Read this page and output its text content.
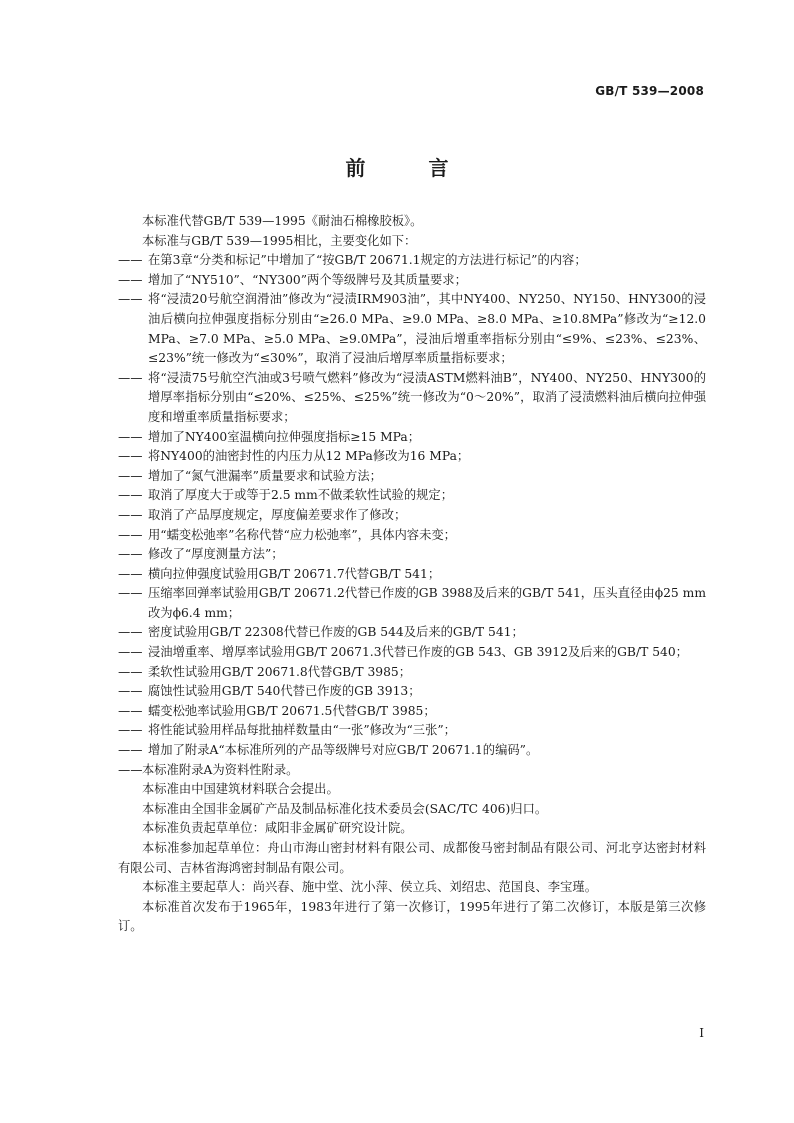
GB/T 539—2008
前 言

本标准代替GB/T 539—1995《耐油石棉橡胶板》。

本标准与GB/T 539—1995相比，主要变化如下：

—— 在第3章“分类和标记”中增加了“按GB/T 20671.1规定的方法进行标记”的内容；
—— 增加了“NY510”、“NY300”两个等级牌号及其质量要求；
—— 将“浸渍20号航空润滑油”修改为“浸渍IRM903油”，其中NY400、NY250、NY150、HNY300的浸油后横向拉伸强度指标分别由“≥26.0 MPa、≥9.0 MPa、≥8.0 MPa、≥10.8MPa”修改为“≥12.0 MPa、≥7.0 MPa、≥5.0 MPa、≥9.0MPa”，浸油后增重率指标分别由“≤9%、≤23%、≤23%、≤23%”统一修改为“≤30%”，取消了浸油后增厚率质量指标要求；
—— 将“浸渍75号航空汽油或3号喷气燃料”修改为“浸渍ASTM燃料油B”，NY400、NY250、HNY300的增厚率指标分别由“≤20%、≤25%、≤25%”统一修改为“0～20%”，取消了浸渍燃料油后横向拉伸强度和增重率质量指标要求；
—— 增加了NY400室温横向拉伸强度指标≥15 MPa；
—— 将NY400的油密封性的内压力从12 MPa修改为16 MPa；
—— 增加了“氮气泄漏率”质量要求和试验方法；
—— 取消了厚度大于或等于2.5 mm不做柔软性试验的规定；
—— 取消了产品厚度规定，厚度偏差要求作了修改；
—— 用“蠕变松弛率”名称代替“应力松弛率”，具体内容未变；
—— 修改了“厚度测量方法”；
—— 横向拉伸强度试验用GB/T 20671.7代替GB/T 541；
—— 压缩率回弹率试验用GB/T 20671.2代替已作废的GB 3988及后来的GB/T 541，压头直径由ϕ25 mm改为ϕ6.4 mm；
—— 密度试验用GB/T 22308代替已作废的GB 544及后来的GB/T 541；
—— 浸油增重率、增厚率试验用GB/T 20671.3代替已作废的GB 543、GB 3912及后来的GB/T 540；
—— 柔软性试验用GB/T 20671.8代替GB/T 3985；
—— 腐蚀性试验用GB/T 540代替已作废的GB 3913；
—— 蠕变松弛率试验用GB/T 20671.5代替GB/T 3985；
—— 将性能试验用样品每批抽样数量由“一张”修改为“三张”；
—— 增加了附录A“本标准所列的产品等级牌号对应GB/T 20671.1的编码”。
—— 本标准附录A为资料性附录。

本标准由中国建筑材料联合会提出。

本标准由全国非金属矿产品及制品标准化技术委员会(SAC/TC 406)归口。

本标准负责起草单位：咸阳非金属矿研究设计院。

本标准参加起草单位：舟山市海山密封材料有限公司、成都俊马密封制品有限公司、河北亨达密封材料有限公司、吉林省海鸿密封制品有限公司。

本标准主要起草人：尚兴春、施中堂、沈小萍、侯立兵、刘绍忠、范国良、李宝瑾。

本标准首次发布于1965年，1983年进行了第一次修订，1995年进行了第二次修订，本版是第三次修订。

I
